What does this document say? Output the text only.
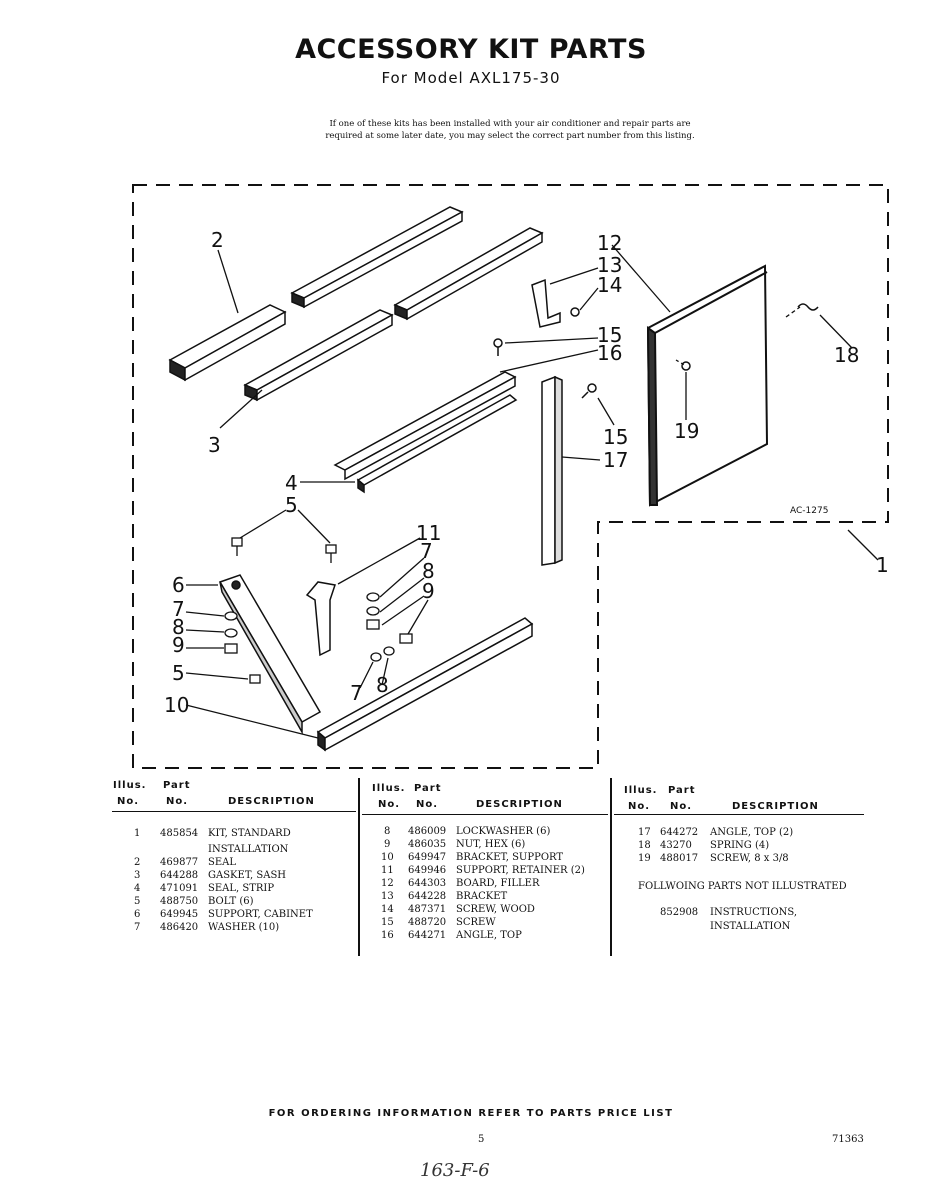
ACCESSORY KIT PARTS
For Model AXL175-30
If one of these kits has been installed with your air conditioner and repair parts are
required at some later date, you may select the correct part number from this listing.
2
3
4
5
5
6
7
7
7
8
8
8
9
9
10
11
12
13
14
15
15
16
17
18
19
1
AC-1275
Illus. Part
No.	No.	DESCRIPTION
Illus. Part
No. No.	DESCRIPTION
Illus. Part
No. No.	DESCRIPTION
1 485854 KIT, STANDARD
INSTALLATION
2 469877 SEAL
3 644288 GASKET, SASH
4 471091 SEAL, STRIP
5 488750 BOLT (6)
6 649945 SUPPORT, CABINET
7 486420 WASHER (10)
8 486009 LOCKWASHER (6)
9 486035 NUT, HEX (6)
10 649947 BRACKET, SUPPORT
11 649946 SUPPORT, RETAINER (2)
12 644303 BOARD, FILLER
13 644228 BRACKET
14 487371 SCREW, WOOD
15 488720 SCREW
16 644271 ANGLE, TOP
17 644272 ANGLE, TOP (2)
18 43270 SPRING (4)
19 488017 SCREW, 8 x 3/8
FOLLWOING PARTS NOT ILLUSTRATED
852908 INSTRUCTIONS,
INSTALLATION
FOR ORDERING INFORMATION REFER TO PARTS PRICE LIST
5	71363
163-F-6
